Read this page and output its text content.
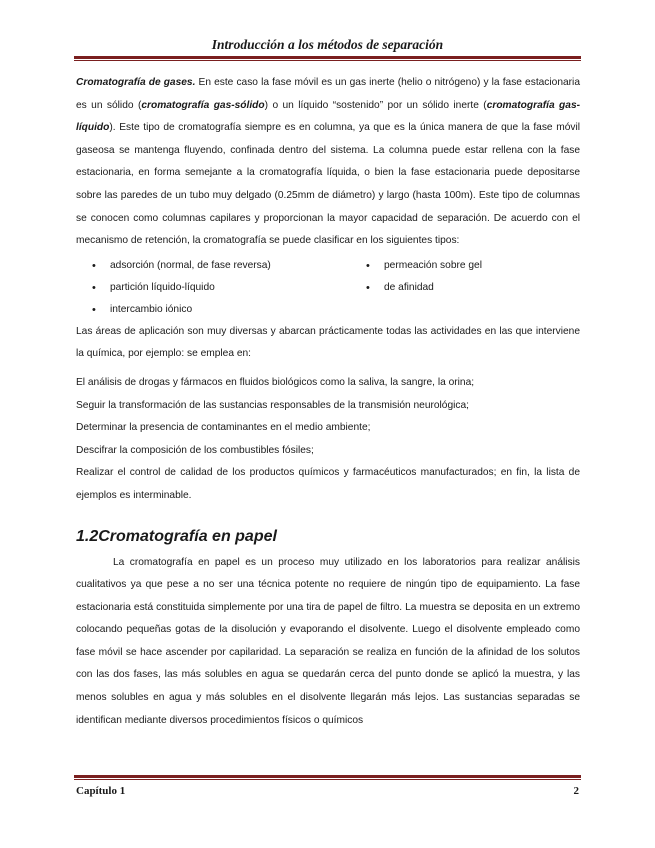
Introducción a los métodos de separación

Cromatografía de gases. En este caso la fase móvil es un gas inerte (helio o nitrógeno) y la fase estacionaria es un sólido (cromatografía gas-sólido) o un líquido “sostenido” por un sólido inerte (cromatografía gas-líquido). Este tipo de cromatografía siempre es en columna, ya que es la única manera de que la fase móvil gaseosa se mantenga fluyendo, confinada dentro del sistema. La columna puede estar rellena con la fase estacionaria, en forma semejante a la cromatografía líquida, o bien la fase estacionaria puede depositarse sobre las paredes de un tubo muy delgado (0.25mm de diámetro) y largo (hasta 100m). Este tipo de columnas se conocen como columnas capilares y proporcionan la mayor capacidad de separación. De acuerdo con el mecanismo de retención, la cromatografía se puede clasificar en los siguientes tipos:

• adsorción (normal, de fase reversa)	• permeación sobre gel
• partición líquido-líquido	• de afinidad
• intercambio iónico

Las áreas de aplicación son muy diversas y abarcan prácticamente todas las actividades en las que interviene la química, por ejemplo: se emplea en:

El análisis de drogas y fármacos en fluidos biológicos como la saliva, la sangre, la orina;

Seguir la transformación de las sustancias responsables de la transmisión neurológica;

Determinar la presencia de contaminantes en el medio ambiente;

Descifrar la composición de los combustibles fósiles;

Realizar el control de calidad de los productos químicos y farmacéuticos manufacturados; en fin, la lista de ejemplos es interminable.

1.2Cromatografía en papel

La cromatografía en papel es un proceso muy utilizado en los laboratorios para realizar análisis cualitativos ya que pese a no ser una técnica potente no requiere de ningún tipo de equipamiento. La fase estacionaria está constituida simplemente por una tira de papel de filtro. La muestra se deposita en un extremo colocando pequeñas gotas de la disolución y evaporando el disolvente. Luego el disolvente empleado como fase móvil se hace ascender por capilaridad. La separación se realiza en función de la afinidad de los solutos con las dos fases, las más solubles en agua se quedarán cerca del punto donde se aplicó la muestra, y las menos solubles en agua y más solubles en el disolvente llegarán más lejos. Las sustancias separadas se identifican mediante diversos procedimientos físicos o químicos

Capítulo 1	2
